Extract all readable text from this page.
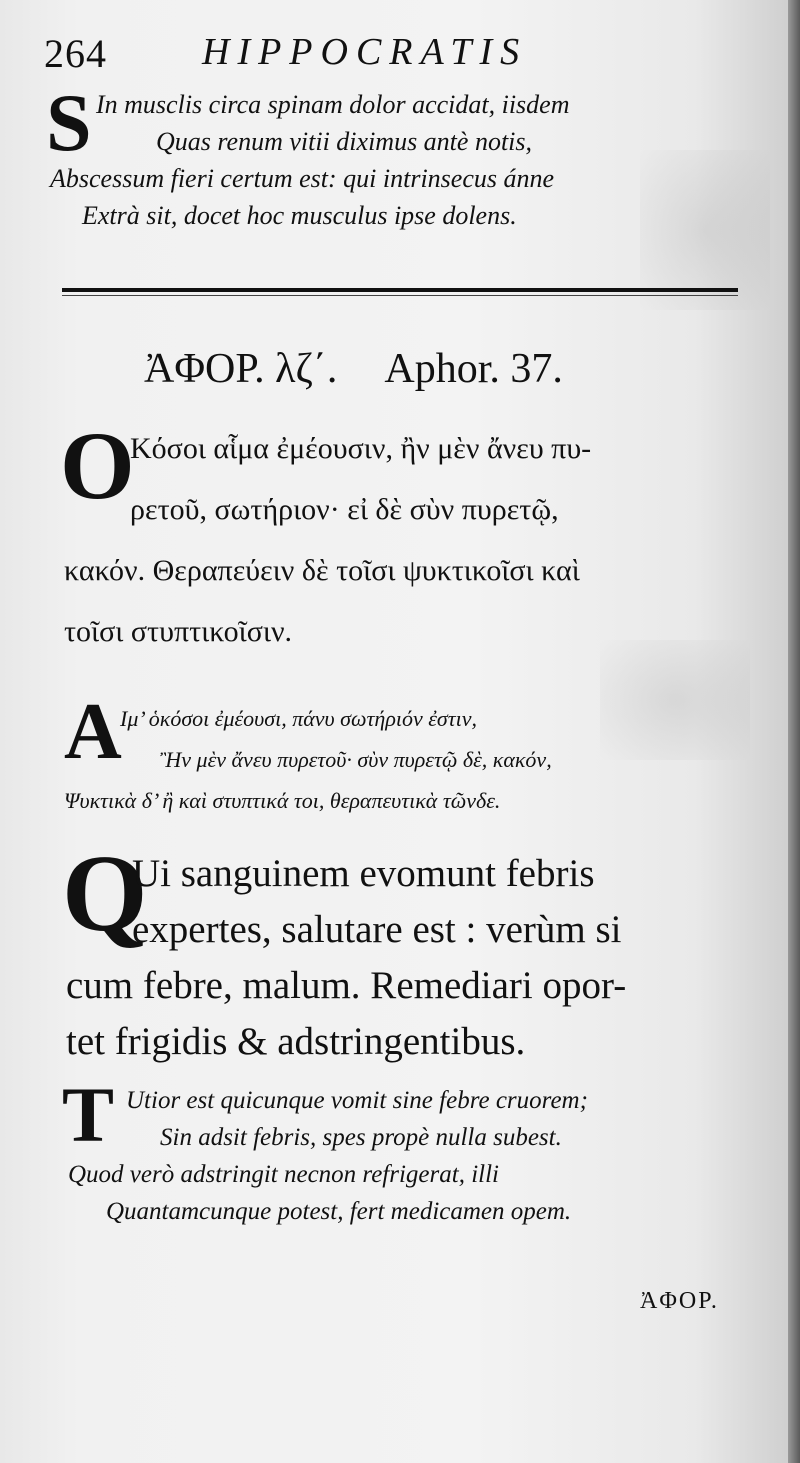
264	HIPPOCRATIS
S In musclis circa spinam dolor accidat, iisdem
Quas renum vitii diximus antè notis,
Abscessum fieri certum est: qui intrinsecus ánne
Extrà sit, docet hoc musculus ipse dolens.
ἈΦΟΡ. λζ΄. Aphor. 37.
O
Κόσοι αἷμα ἐμέουσιν, ἢν μὲν ἄνευ πυ-
ρετοῦ, σωτήριον· εἰ δὲ σὺν πυρετῷ,
κακόν. Θεραπεύειν δὲ τοῖσι ψυκτικοῖσι καὶ
τοῖσι στυπτικοῖσιν.
A
Ιμ’ ὁκόσοι ἐμέουσι, πάνυ σωτήριόν ἐστιν,
Ἢν μὲν ἄνευ πυρετοῦ· σὺν πυρετῷ δὲ, κακόν,
Ψυκτικὰ δ’ ἢ καὶ στυπτικά τοι, θεραπευτικὰ τῶνδε.
Q
Ui sanguinem evomunt febris
expertes, salutare est : verùm si
cum febre, malum. Remediari opor-
tet frigidis & adstringentibus.
T Utior est quicunque vomit sine febre cruorem;
Sin adsit febris, spes propè nulla subest.
Quod verò adstringit necnon refrigerat, illi
Quantamcunque potest, fert medicamen opem.
ἈΦΟΡ.
